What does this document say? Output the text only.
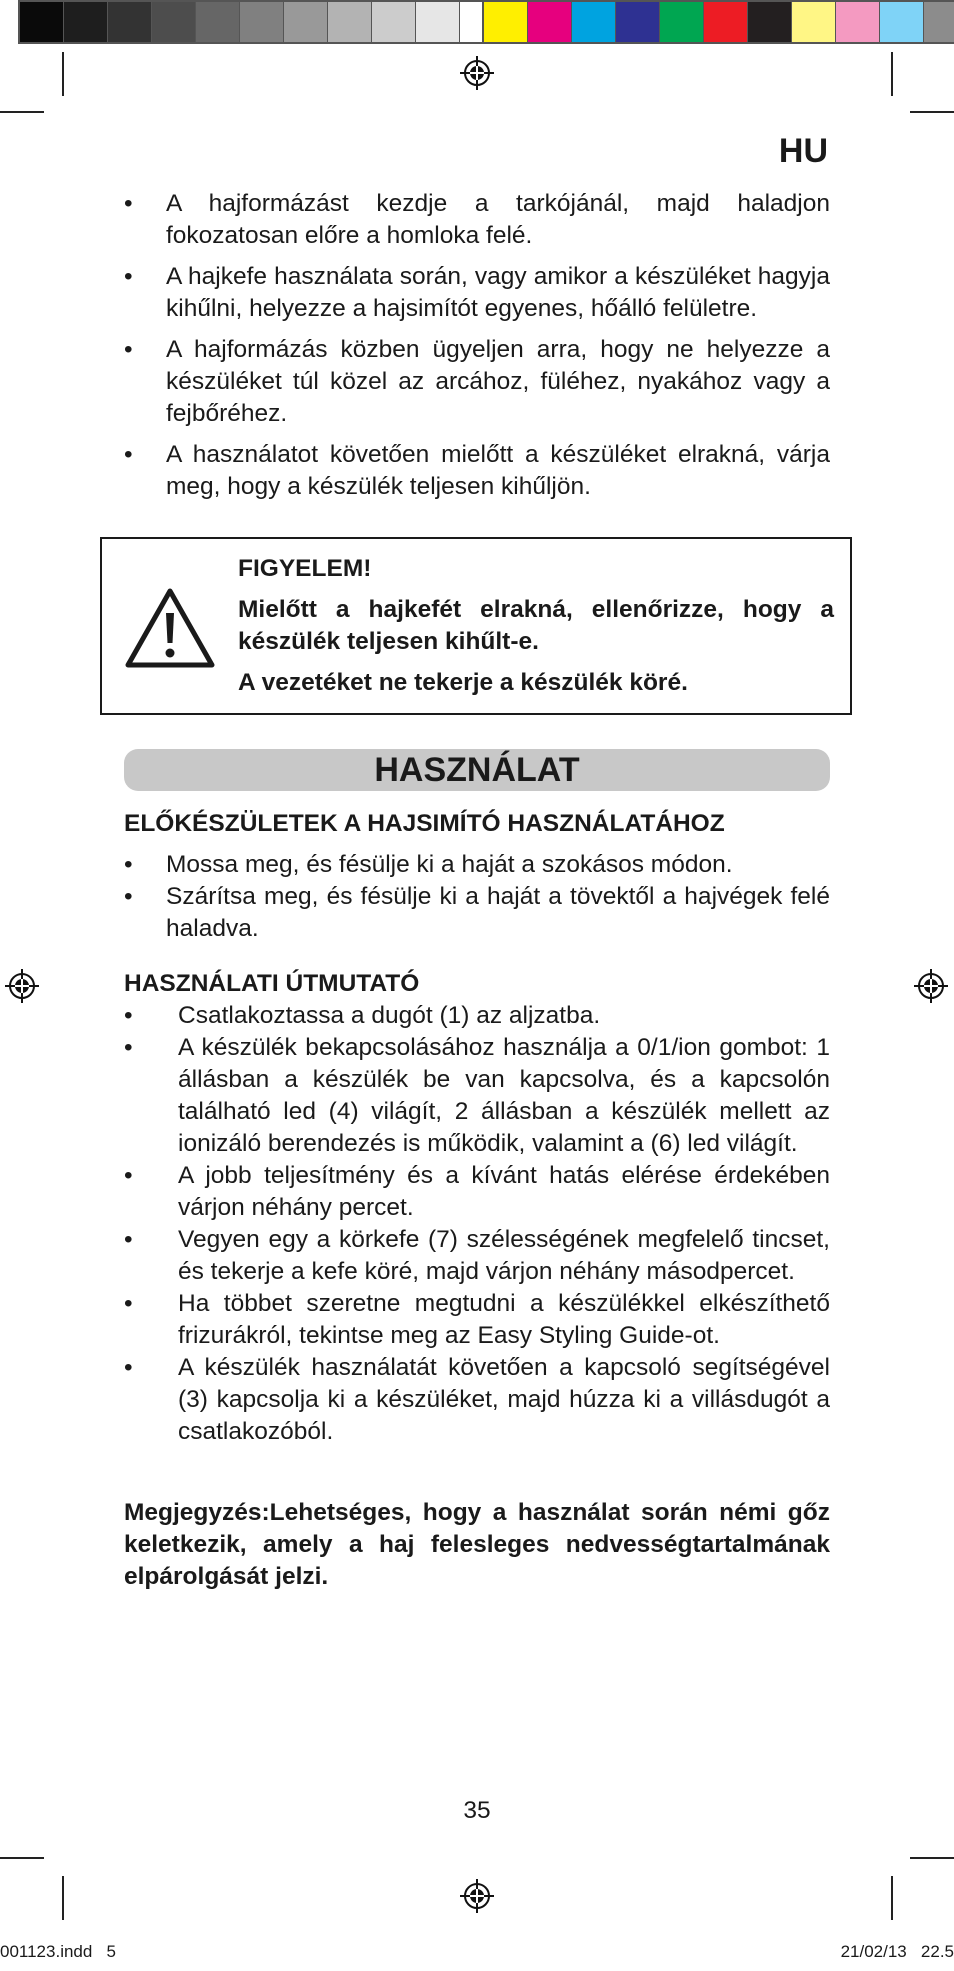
HU
• A hajformázást kezdje a tarkójánál, majd haladjon fokozatosan előre a homloka felé.
• A hajkefe használata során, vagy amikor a készüléket hagyja kihűlni, helyezze a hajsimítót egyenes, hőálló felületre.
• A hajformázás közben ügyeljen arra, hogy ne helyezze a készüléket túl közel az arcához, füléhez, nyakához vagy a fejbőréhez.
• A használatot követően mielőtt a készüléket elrakná, várja meg, hogy a készülék teljesen kihűljön.

FIGYELEM!

Mielőtt a hajkefét elrakná, ellenőrizze, hogy a készülék teljesen kihűlt-e.

A vezetéket ne tekerje a készülék köré.

HASZNÁLAT
ELŐKÉSZÜLETEK A HAJSIMÍTÓ HASZNÁLATÁHOZ
• Mossa meg, és fésülje ki a haját a szokásos módon.
• Szárítsa meg, és fésülje ki a haját a tövektől a hajvégek felé haladva.
HASZNÁLATI ÚTMUTATÓ
• Csatlakoztassa a dugót (1) az aljzatba.
• A készülék bekapcsolásához használja a 0/1/ion gombot: 1 állásban a készülék be van kapcsolva, és a kapcsolón található led (4) világít, 2 állásban a készülék mellett az ionizáló berendezés is működik, valamint a (6) led világít.
• A jobb teljesítmény és a kívánt hatás elérése érdekében várjon néhány percet.
• Vegyen egy a körkefe (7) szélességének megfelelő tincset, és tekerje a kefe köré, majd várjon néhány másodpercet.
• Ha többet szeretne megtudni a készülékkel elkészíthető frizurákról, tekintse meg az Easy Styling Guide-ot.
• A készülék használatát követően a kapcsoló segítségével (3) kapcsolja ki a készüléket, majd húzza ki a villásdugót a csatlakozóból.
Megjegyzés:Lehetséges, hogy a használat során némi gőz keletkezik, amely a haj felesleges nedvességtartalmának elpárolgását jelzi.
35
001123.indd   5	21/02/13   22.5
